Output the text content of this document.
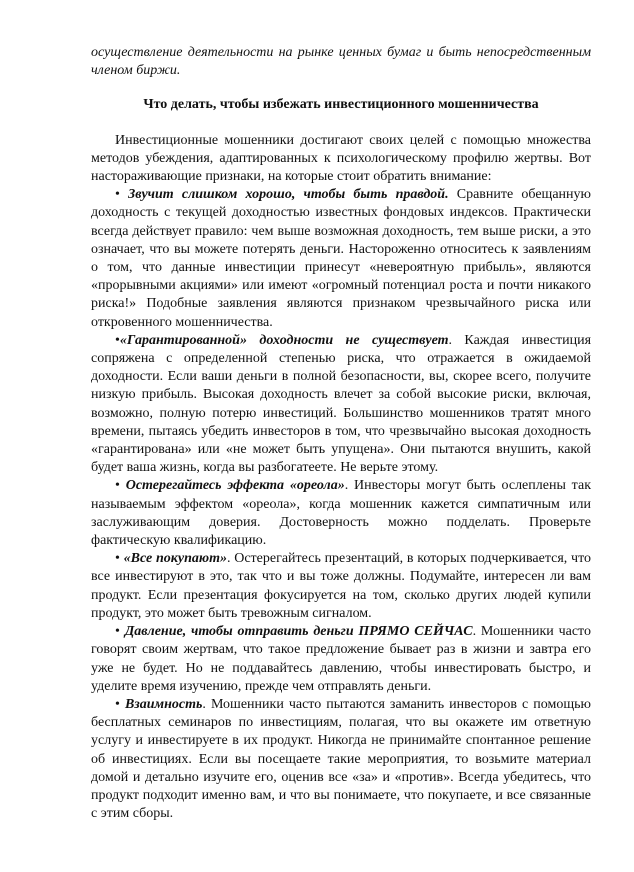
осуществление деятельности на рынке ценных бумаг и быть непосредственным членом биржи.

Что делать, чтобы избежать инвестиционного мошенничества

Инвестиционные мошенники достигают своих целей с помощью множества методов убеждения, адаптированных к психологическому профилю жертвы. Вот настораживающие признаки, на которые стоит обратить внимание:

• Звучит слишком хорошо, чтобы быть правдой. Сравните обещанную доходность с текущей доходностью известных фондовых индексов. Практически всегда действует правило: чем выше возможная доходность, тем выше риски, а это означает, что вы можете потерять деньги. Настороженно относитесь к заявлениям о том, что данные инвестиции принесут «невероятную прибыль», являются «прорывными акциями» или имеют «огромный потенциал роста и почти никакого риска!» Подобные заявления являются признаком чрезвычайного риска или откровенного мошенничества.

•«Гарантированной» доходности не существует. Каждая инвестиция сопряжена с определенной степенью риска, что отражается в ожидаемой доходности. Если ваши деньги в полной безопасности, вы, скорее всего, получите низкую прибыль. Высокая доходность влечет за собой высокие риски, включая, возможно, полную потерю инвестиций. Большинство мошенников тратят много времени, пытаясь убедить инвесторов в том, что чрезвычайно высокая доходность «гарантирована» или «не может быть упущена». Они пытаются внушить, какой будет ваша жизнь, когда вы разбогатеете. Не верьте этому.

• Остерегайтесь эффекта «ореола». Инвесторы могут быть ослеплены так называемым эффектом «ореола», когда мошенник кажется симпатичным или заслуживающим доверия. Достоверность можно подделать. Проверьте фактическую квалификацию.

• «Все покупают». Остерегайтесь презентаций, в которых подчеркивается, что все инвестируют в это, так что и вы тоже должны. Подумайте, интересен ли вам продукт. Если презентация фокусируется на том, сколько других людей купили продукт, это может быть тревожным сигналом.

• Давление, чтобы отправить деньги ПРЯМО СЕЙЧАС. Мошенники часто говорят своим жертвам, что такое предложение бывает раз в жизни и завтра его уже не будет. Но не поддавайтесь давлению, чтобы инвестировать быстро, и уделите время изучению, прежде чем отправлять деньги.

• Взаимность. Мошенники часто пытаются заманить инвесторов с помощью бесплатных семинаров по инвестициям, полагая, что вы окажете им ответную услугу и инвестируете в их продукт. Никогда не принимайте спонтанное решение об инвестициях. Если вы посещаете такие мероприятия, то возьмите материал домой и детально изучите его, оценив все «за» и «против». Всегда убедитесь, что продукт подходит именно вам, и что вы понимаете, что покупаете, и все связанные с этим сборы.
